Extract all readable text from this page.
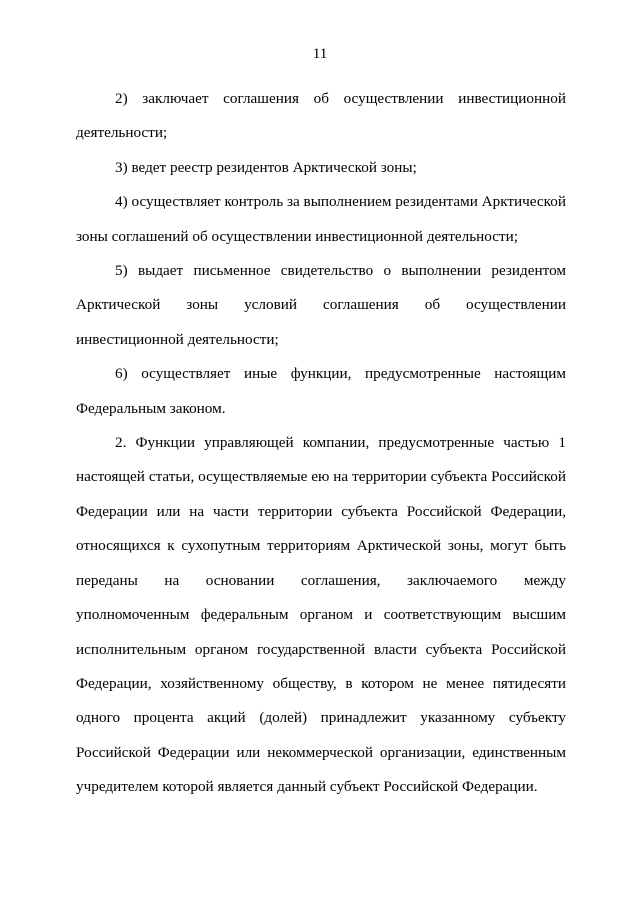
11

2) заключает соглашения об осуществлении инвестиционной деятельности;

3) ведет реестр резидентов Арктической зоны;

4) осуществляет контроль за выполнением резидентами Арктической зоны соглашений об осуществлении инвестиционной деятельности;

5) выдает письменное свидетельство о выполнении резидентом Арктической зоны условий соглашения об осуществлении инвестиционной деятельности;

6) осуществляет иные функции, предусмотренные настоящим Федеральным законом.

2. Функции управляющей компании, предусмотренные частью 1 настоящей статьи, осуществляемые ею на территории субъекта Российской Федерации или на части территории субъекта Российской Федерации, относящихся к сухопутным территориям Арктической зоны, могут быть переданы на основании соглашения, заключаемого между уполномоченным федеральным органом и соответствующим высшим исполнительным органом государственной власти субъекта Российской Федерации, хозяйственному обществу, в котором не менее пятидесяти одного процента акций (долей) принадлежит указанному субъекту Российской Федерации или некоммерческой организации, единственным учредителем которой является данный субъект Российской Федерации.
